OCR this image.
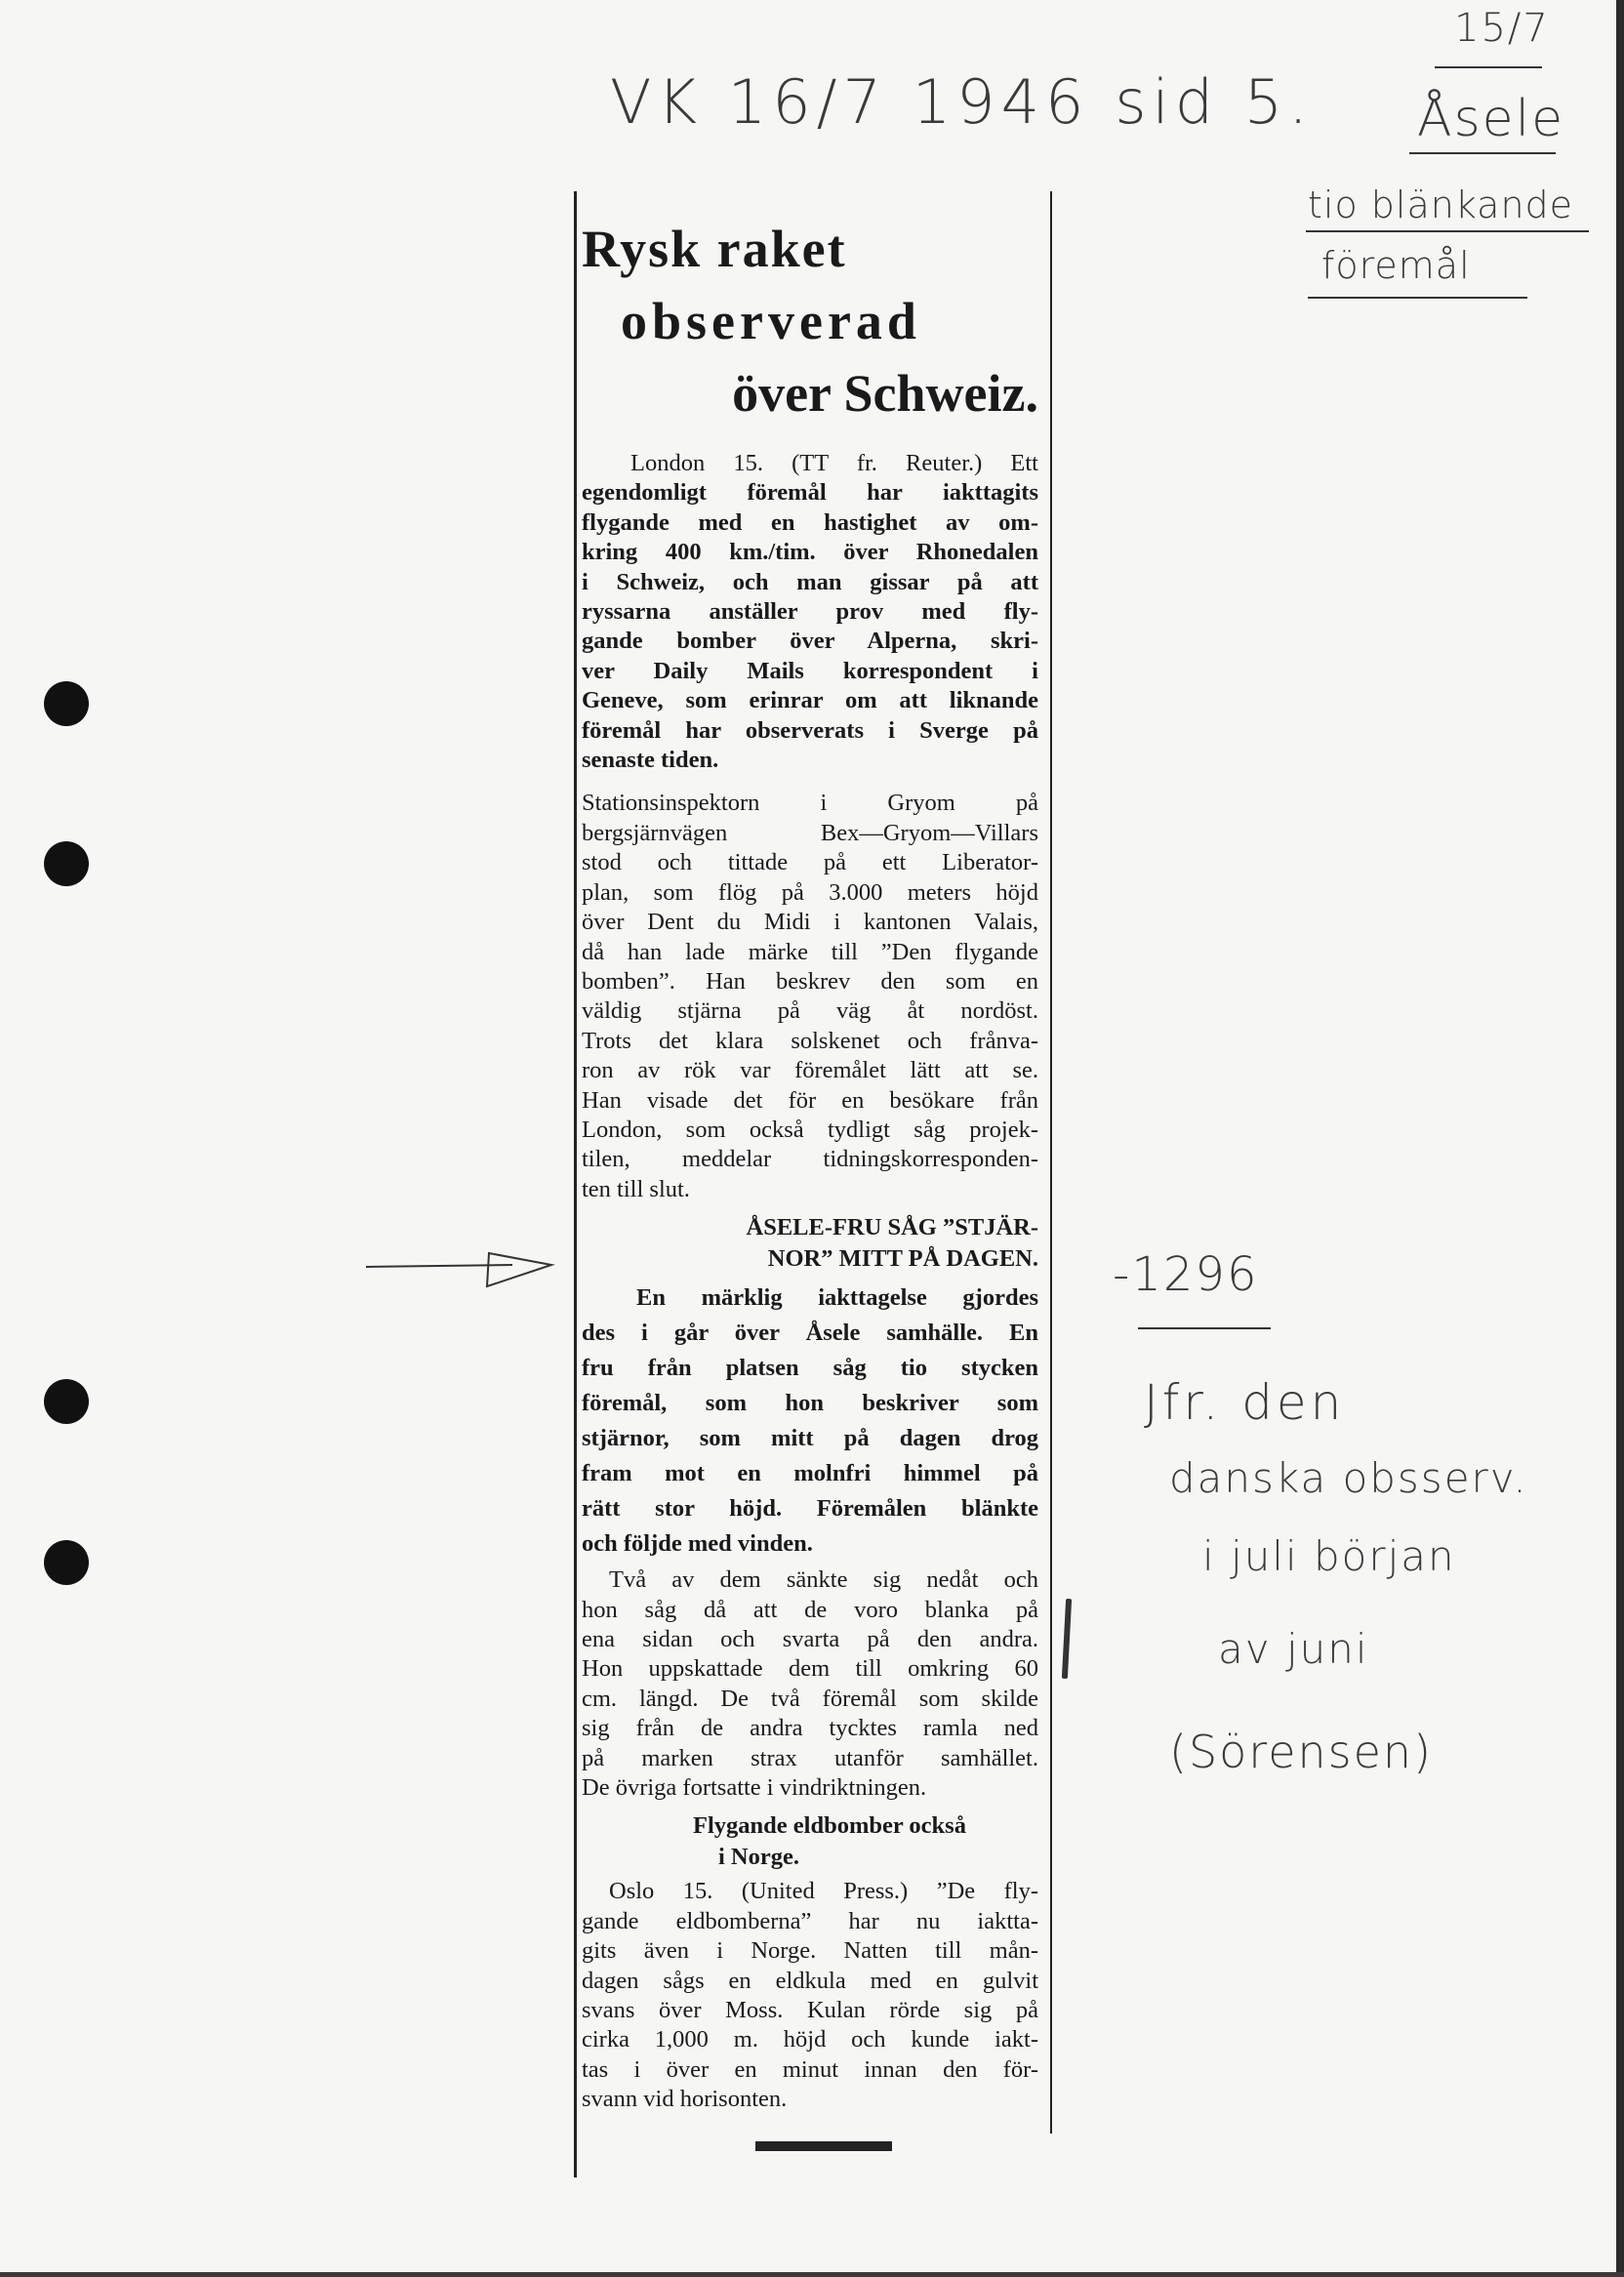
VK 16/7 1946 sid 5.
15/7
Åsele
tio blänkande
föremål
-1296
Jfr. den
danska obsserv.
i juli början
av juni
(Sörensen)
Rysk raket
observerad
över Schweiz.
London 15. (TT fr. Reuter.) Ett
egendomligt föremål har iakttagits
flygande med en hastighet av om-
kring 400 km./tim. över Rhonedalen
i Schweiz, och man gissar på att
ryssarna anställer prov med fly-
gande bomber över Alperna, skri-
ver Daily Mails korrespondent i
Geneve, som erinrar om att liknande
föremål har observerats i Sverge på
senaste tiden.
Stationsinspektorn i Gryom på
bergsjärnvägen Bex—Gryom—Villars
stod och tittade på ett Liberator-
plan, som flög på 3.000 meters höjd
över Dent du Midi i kantonen Valais,
då han lade märke till ”Den flygande
bomben”. Han beskrev den som en
väldig stjärna på väg åt nordöst.
Trots det klara solskenet och frånva-
ron av rök var föremålet lätt att se.
Han visade det för en besökare från
London, som också tydligt såg projek-
tilen, meddelar tidningskorresponden-
ten till slut.
ÅSELE-FRU SÅG ”STJÄR-
NOR” MITT PÅ DAGEN.
En märklig iakttagelse gjordes
des i går över Åsele samhälle. En
fru från platsen såg tio stycken
föremål, som hon beskriver som
stjärnor, som mitt på dagen drog
fram mot en molnfri himmel på
rätt stor höjd. Föremålen blänkte
och följde med vinden.
Två av dem sänkte sig nedåt och
hon såg då att de voro blanka på
ena sidan och svarta på den andra.
Hon uppskattade dem till omkring 60
cm. längd. De två föremål som skilde
sig från de andra tycktes ramla ned
på marken strax utanför samhället.
De övriga fortsatte i vindriktningen.
Flygande eldbomber också
i Norge.
Oslo 15. (United Press.) ”De fly-
gande eldbomberna” har nu iaktta-
gits även i Norge. Natten till mån-
dagen sågs en eldkula med en gulvit
svans över Moss. Kulan rörde sig på
cirka 1,000 m. höjd och kunde iakt-
tas i över en minut innan den för-
svann vid horisonten.
